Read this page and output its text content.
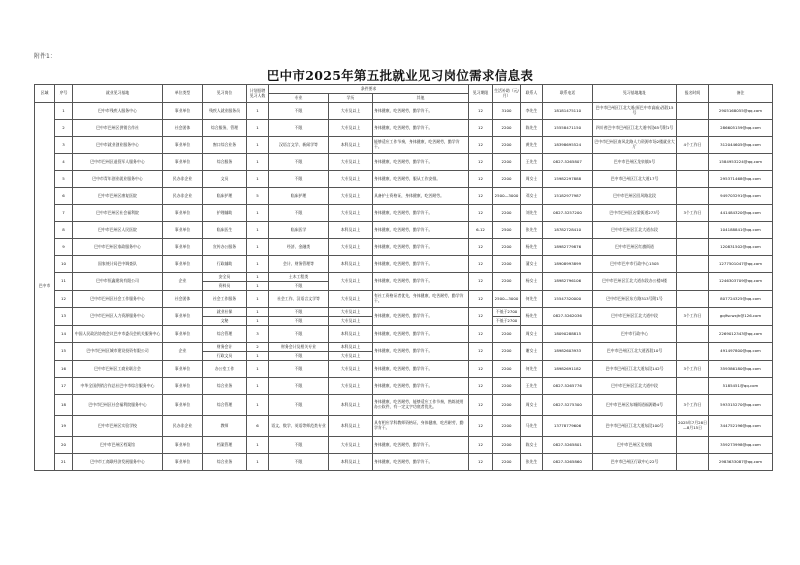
附件1：
巴中市2025年第五批就业见习岗位需求信息表
区域	序号	就业见习基地	单位类型	见习岗位	计划招聘见习人数	条件要求			见习期限	生活补助（元/月）	联系人	联系电话	见习基地地址	报名时间	备注
						专业	学历	其他							
巴中市	1	巴中市残疾人服务中心	事业单位	残疾人就业服务员	1	不限	大专及以上	身体健康，吃苦耐劳，勤学肯干。	12	3100	李先生	18181475110	巴中市巴州区江北大道(原巴中市高庙)西段15号		2905168055@qq.com
	2	巴中市巴州区供销合作社	社会团体	综合服务，管理	1	不限	大专及以上	身体健康，吃苦耐劳，勤学肯干。	12	2200	陈先生	15558471150	四川省巴中市巴州区江北大道中段65号附1号		286605159@qq.com
	3	巴中市就业创业服务中心	事业单位	窗口综合业务	1	汉语言文学、新闻学等	本科及以上	能够适应工作节奏，身体健康，吃苦耐劳，勤学肯干。	12	2200	黄先生	18398695524	巴中市巴州区南风北路人力资源市场2楼就业大厅	4个工作日	312044605@qq.com
	4	巴中市巴州区退役军人服务中心	事业单位	综合服务	1	不限	大专及以上	身体健康，吃苦耐劳，勤学肯干。	12	2200	王先生	0827-5265807	巴中市巴州区龙泉镇5号		1584953224@qq.com
	5	巴中市青年创业就业服务中心	民办非企业	文员	1	不限	大专及以上	身体健康，吃苦耐劳，服从工作安排。	12	2200	周女士	15982297888	巴中市巴州区江北大道17号		295371468@qq.com
	6	巴中市巴州区康复医院	民办非企业	临床护理	5	临床护理	大专及以上	具备护士资格证，身体健康，吃苦耐劳。	12	2500—3000	邓女士	15182977987	巴中市巴州区回风路北段		949703291@qq.com
	7	巴中市巴州区社会福利院	事业单位	护理辅助	1	不限	大专及以上	身体健康，吃苦耐劳，勤学肯干。	12	2200	刘先生	0827-5257200	巴中市巴州区宕梁街道273号	3个工作日	441484320@qq.com
	8	巴中市巴州区人民医院	事业单位	临床医生	1	临床医学	本科及以上	身体健康，吃苦耐劳，勤学肯干。	6-12	2500	张先生	18782728410	巴中市巴州区江北大道东段		104188841@qq.com
	9	巴中市巴州区家政服务中心	事业单位	宣传办公服务	1	经济、金融类	大专及以上	身体健康，吃苦耐劳，勤学肯干。	12	2200	杨先生	18982779876	巴中市巴州区红旗街道		120831502@qq.com
	10	国家统计局巴中调查队	事业单位	行政辅助	1	会计、财务管理等	本科及以上	身体健康，吃苦耐劳，勤学肯干。	12	2200	蒲女士	18908993899	巴中市巴中市行政中心1505		1277501047@qq.com
	11	巴中市恒鑫建筑有限公司	企业	安全员	1	土木工程类	大专及以上	身体健康，吃苦耐劳，勤学肯干。	12	2200	杨女士	18982796106	巴中市巴州区江北大道东段办公楼5楼		1246303709@qq.com
				资料员	1	不限									
	12	巴中市巴州区社会工作服务中心	社会团体	社会工作服务	1	社会工作、汉语言文学等	大专及以上	有社工资格证者优先，身体健康，吃苦耐劳，勤学肯干。	12	2500—3000	何先生	15547320000	巴中市巴州区东方路313号附1号		807724325@qq.com
	13	巴中市巴州区人力资源服务中心	事业单位	就业社保	1	不限	大专及以上	身体健康，吃苦耐劳，勤学肯干。	12	不低于2700	杨先生	0827-5262036	巴中市巴州区江北大道中段	3个工作日	gqlfscwxjh@126.com
				文秘	1	不限	大专及以上			不低于2700					
	14	中国人民政治协商会议巴中市委员会机关服务中心	事业单位	综合管理	3	不限	本科及以上	身体健康，吃苦耐劳，勤学肯干。	12	2200	周女士	18090288815	巴中市行政中心		2269012343@qq.com
	15	巴中市巴州区城市建设投资有限公司	企业	财务会计	2	财务会计及相关专业	本科及以上	身体健康，吃苦耐劳，勤学肯干。	12	2200	谢女士	18982603933	巴中市巴州区江北大道西段10号		491497800@qq.com
				行政文员	1	不限	大专及以上								
	16	巴中市巴州区工商业联合会	事业单位	办公室工作	1	不限	大专及以上	身体健康，吃苦耐劳，勤学肯干。	12	2200	何先生	18982691182	巴中市巴州区江北大道东段142号	3个工作日	359386180@qq.com
	17	中华全国供销合作总社巴中市综合服务中心	事业单位	综合业务	1	不限	大专及以上	身体健康，吃苦耐劳，勤学肯干。	12	2200	王先生	0827-5265776	巴中市巴州区江北大道中段		5185451@qq.com
	18	巴中市巴州区社会福利院服务中心	事业单位	综合管理	1	不限	本科及以上	身体健康，吃苦耐劳，能够适应工作节奏，熟练使用办公软件，有一定文字功底者优先。	12	2200	周女士	0827-5275300	巴中市巴州区东城街道福源路4号	3个工作日	593315270@qq.com
	19	巴中市巴州区实验学校	民办非企业	教师	6	语文、数学、英语等师范类专业	本科及以上	具有相应学科教师资格证，身体健康，吃苦耐劳，勤学肯干。	12	2200	马先生	13778779606	巴中市巴州区江北大道东段100号	2025年7月28日—8月15日	344752196@qq.com
	20	巴中市巴州区档案馆	事业单位	档案管理	1	不限	大专及以上	身体健康，吃苦耐劳，勤学肯干。	12	2200	陈女士	0827-5265801	巴中市巴州区龙泉镇		359273998@qq.com
	21	巴中市工商联经济发展服务中心	事业单位	综合业务	1	不限	本科及以上	身体健康，吃苦耐劳，勤学肯干。	12	2200	张先生	0827-5265860	巴中市巴州区行政中心22号		2983633087@qq.com
